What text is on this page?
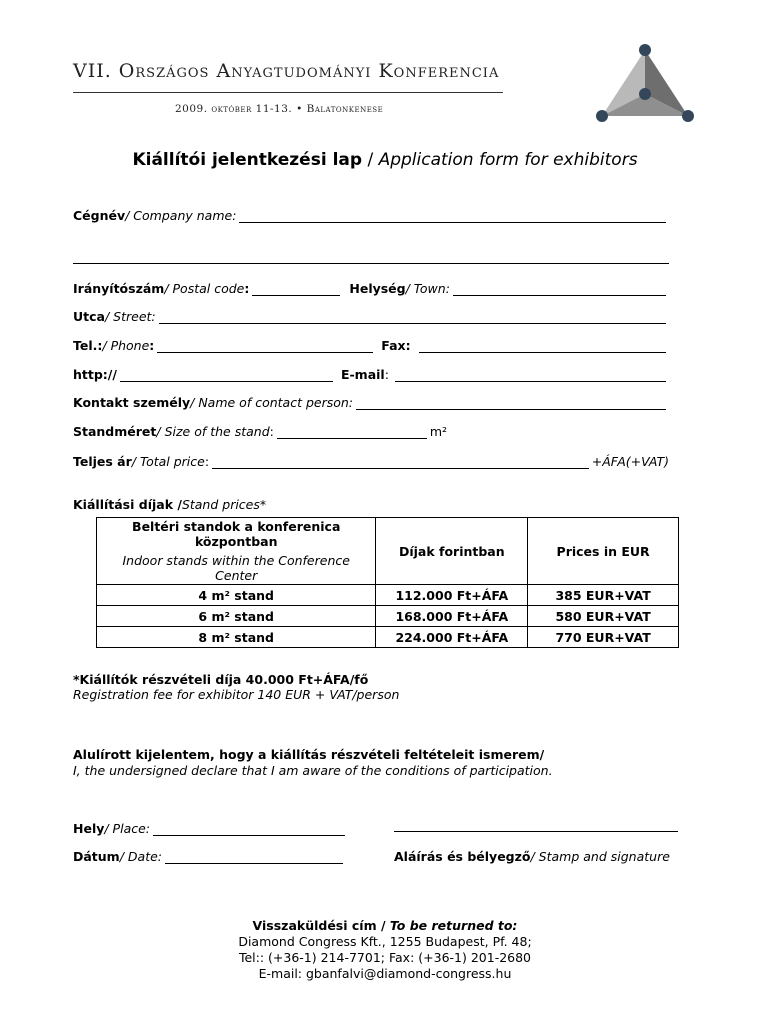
VII. Országos Anyagtudományi Konferencia
2009. október 11-13. • Balatonkenese
Kiállítói jelentkezési lap / Application form for exhibitors
Cégnév / Company name:
Irányítószám / Postal code :	Helység / Town:
Utca / Street:
Tel.: / Phone :	Fax:
http://	E-mail :
Kontakt személy / Name of contact person:
Standméret / Size of the stand :	m²
Teljes ár / Total price :	+ÁFA(+VAT)
Kiállítási díjak / Stand prices*
Beltéri standok a konferenica központban
Indoor stands within the Conference Center	Díjak forintban	Prices in EUR
4 m² stand	112.000 Ft+ÁFA	385 EUR+VAT
6 m² stand	168.000 Ft+ÁFA	580 EUR+VAT
8 m² stand	224.000 Ft+ÁFA	770 EUR+VAT
*Kiállítók részvételi díja 40.000 Ft+ÁFA/fő
Registration fee for exhibitor 140 EUR + VAT/person
Alulírott kijelentem, hogy a kiállítás részvételi feltételeit ismerem/
I, the undersigned declare that I am aware of the conditions of participation.
Hely / Place:
Dátum / Date:	Aláírás és bélyegző / Stamp and signature
Visszaküldési cím / To be returned to:
Diamond Congress Kft., 1255 Budapest, Pf. 48;
Tel:: (+36-1) 214-7701; Fax: (+36-1) 201-2680
E-mail: gbanfalvi@diamond-congress.hu
